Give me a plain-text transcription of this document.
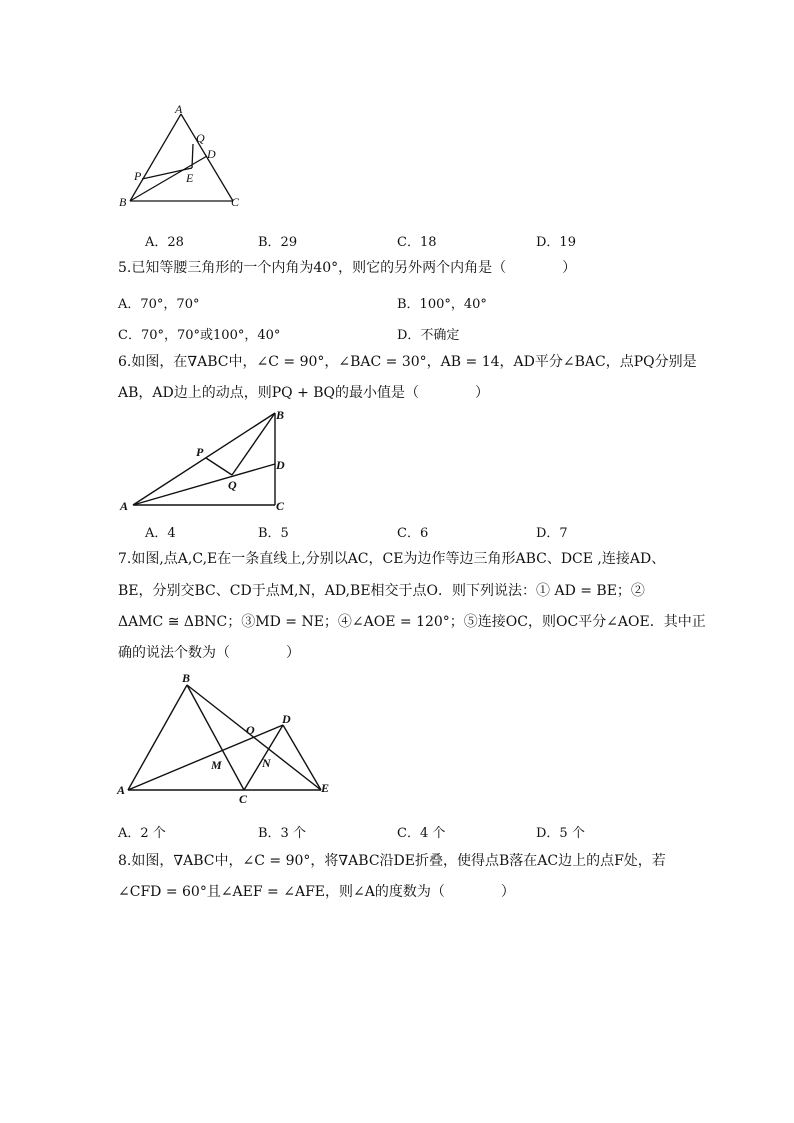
A
Q
D
P	E
B	C
A．28	B．29	C．18	D．19
5.已知等腰三角形的一个内角为40°，则它的另外两个内角是（　　　　）
A．70°，70°	B．100°，40°
C．70°，70°或100°，40°	D．不确定
6.如图，在∇ABC中，∠C = 90°，∠BAC = 30°，AB = 14，AD平分∠BAC，点PQ分别是
AB，AD边上的动点，则PQ + BQ的最小值是（　　　　）
B
P
D
Q
A	C
A．4	B．5	C．6	D．7
7.如图,点A,C,E在一条直线上,分别以AC，CE为边作等边三角形ABC、DCE ,连接AD、
BE，分别交BC、CD于点M,N，AD,BE相交于点O．则下列说法：① AD = BE；②
ΔAMC ≅ ΔBNC；③MD = NE；④∠AOE = 120°；⑤连接OC，则OC平分∠AOE．其中正
确的说法个数为（　　　　）
B
O
D
M	N
A
C
E
A．2 个	B．3 个	C．4 个	D．5 个
8.如图，∇ABC中，∠C = 90°，将∇ABC沿DE折叠，使得点B落在AC边上的点F处，若
∠CFD = 60°且∠AEF = ∠AFE，则∠A的度数为（　　　　）
